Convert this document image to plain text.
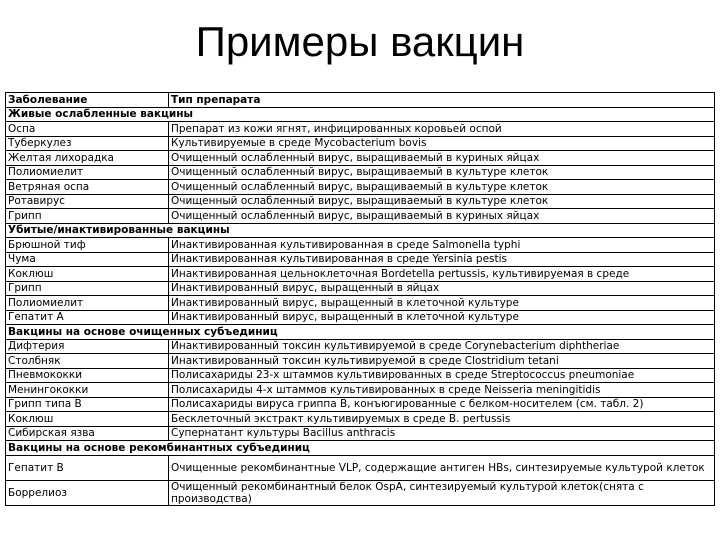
Примеры вакцин
Заболевание	Тип препарата
Живые ослабленные вакцины	
Оспа	Препарат из кожи ягнят, инфицированных коровьей оспой
Туберкулез	Культивируемые в среде Mycobacterium bovis
Желтая лихорадка	Очищенный ослабленный вирус, выращиваемый в куриных яйцах
Полиомиелит	Очищенный ослабленный вирус, выращиваемый в культуре клеток
Ветряная оспа	Очищенный ослабленный вирус, выращиваемый в культуре клеток
Ротавирус	Очищенный ослабленный вирус, выращиваемый в культуре клеток
Грипп	Очищенный ослабленный вирус, выращиваемый в куриных яйцах
Убитые/инактивированные вакцины	
Брюшной тиф	Инактивированная культивированная в среде Salmonella typhi
Чума	Инактивированная культивированная в среде Yersinia pestis
Коклюш	Инактивированная цельноклеточная Bordetella pertussis, культивируемая в среде
Грипп	Инактивированный вирус, выращенный в яйцах
Полиомиелит	Инактивированный вирус, выращенный в клеточной культуре
Гепатит А	Инактивированный вирус, выращенный в клеточной культуре
Вакцины на основе очищенных субъединиц	
Дифтерия	Инактивированный токсин культивируемой в среде Corynebacterium diphtheriae
Столбняк	Инактивированный токсин культивируемой в среде Clostridium tetani
Пневмококки	Полисахариды 23-х штаммов культивированных в среде Streptococcus pneumoniae
Менингококки	Полисахариды 4-х штаммов культивированных в среде Neisseria meningitidis
Грипп типа В	Полисахариды вируса гриппа В, конъюгированные с белком-носителем (см. табл. 2)
Коклюш	Бесклеточный экстракт культивируемых в среде B. pertussis
Сибирская язва	Супернатант культуры Bacillus anthracis
Вакцины на основе рекомбинантных субъединиц	
Гепатит В	Очищенные рекомбинантные VLP, содержащие антиген HBs, синтезируемые культурой клеток
Боррелиоз	Очищенный рекомбинантный белок OspA, синтезируемый культурой клеток(снята с производства)
